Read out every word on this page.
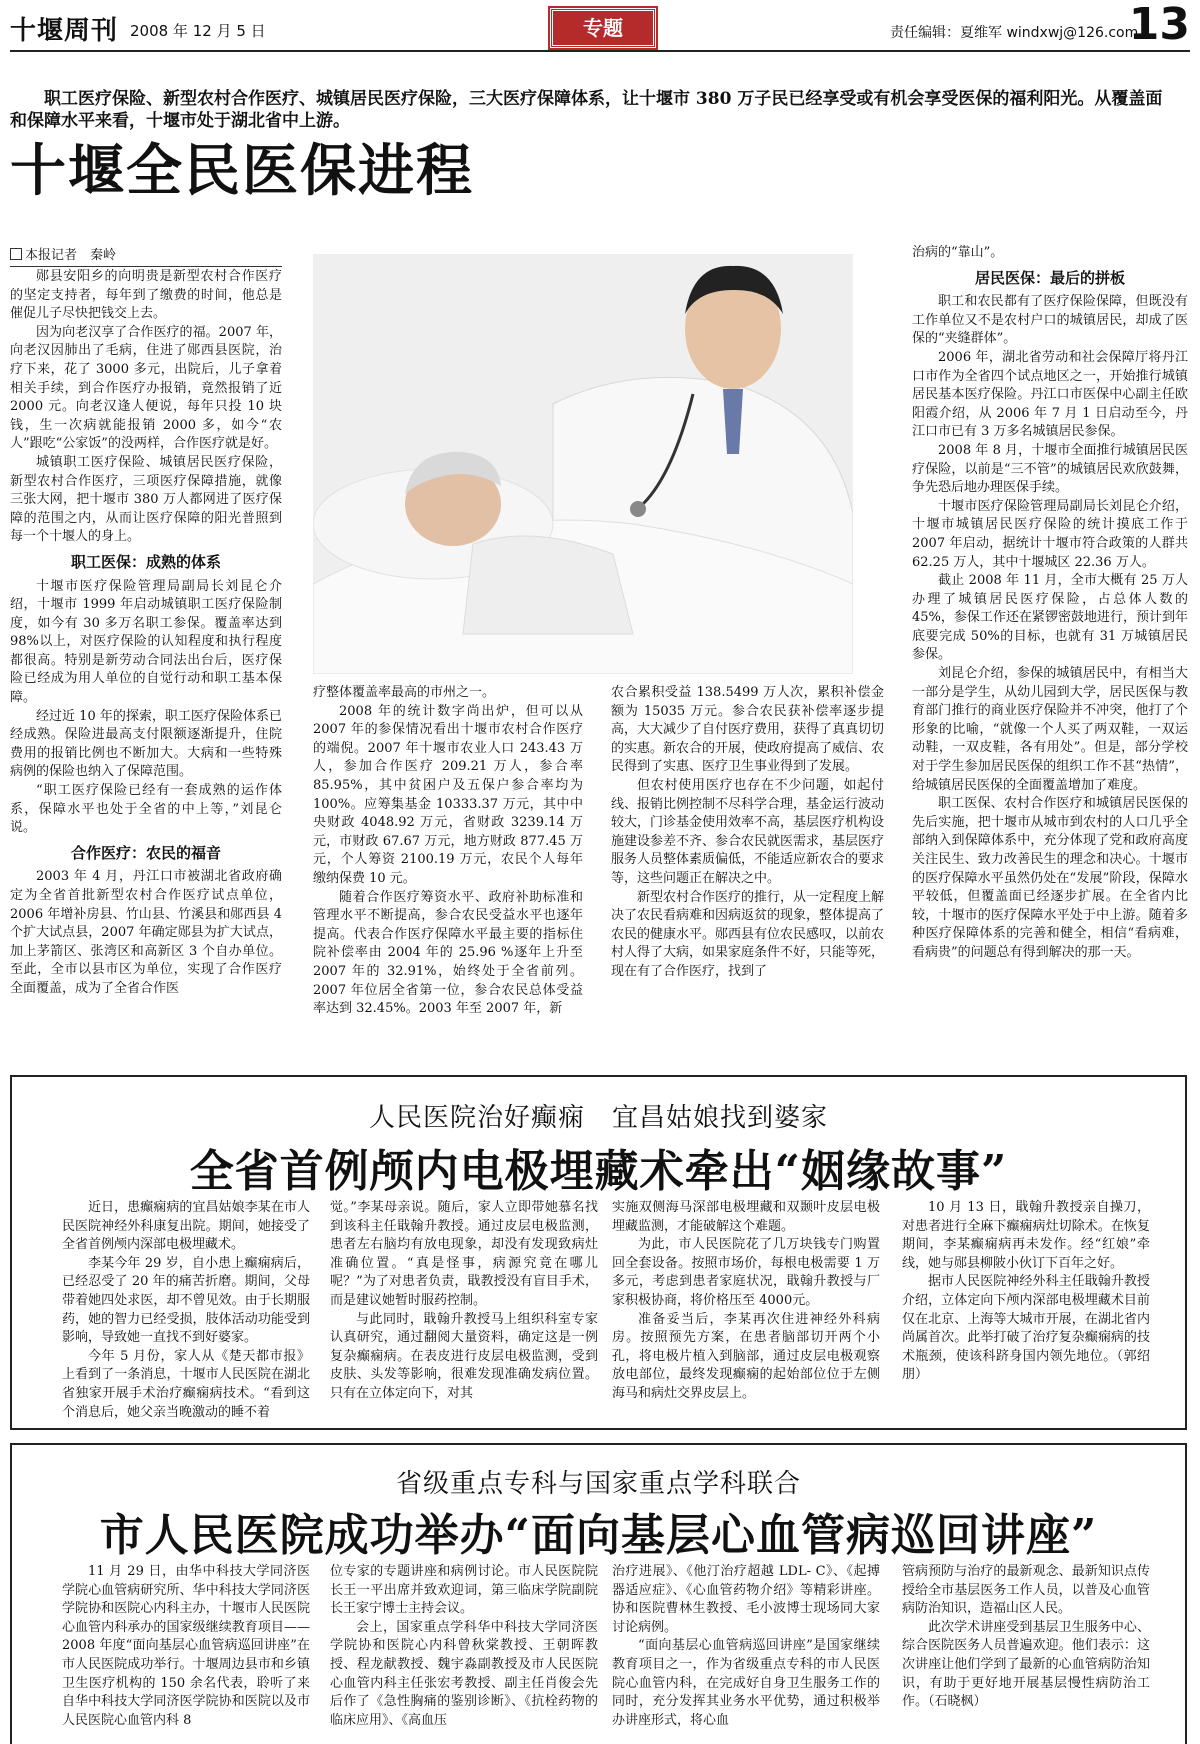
十堰周刊 2008 年 12 月 5 日	专题	责任编辑：夏维军 windxwj@126.com
13
职工医疗保险、新型农村合作医疗、城镇居民医疗保险，三大医疗保障体系，让十堰市 380 万子民已经享受或有机会享受医保的福利阳光。从覆盖面和保障水平来看，十堰市处于湖北省中上游。
十堰全民医保进程
本报记者　秦岭

郧县安阳乡的向明贵是新型农村合作医疗的坚定支持者，每年到了缴费的时间，他总是催促儿子尽快把钱交上去。

因为向老汉享了合作医疗的福。2007 年，向老汉因肺出了毛病，住进了郧西县医院，治疗下来，花了 3000 多元，出院后，儿子拿着相关手续，到合作医疗办报销，竟然报销了近 2000 元。向老汉逢人便说，每年只投 10 块钱，生一次病就能报销 2000 多，如今“农人”跟吃“公家饭”的没两样，合作医疗就是好。

城镇职工医疗保险、城镇居民医疗保险，新型农村合作医疗，三项医疗保障措施，就像三张大网，把十堰市 380 万人都网进了医疗保障的范围之内，从而让医疗保障的阳光普照到每一个十堰人的身上。

职工医保：成熟的体系

十堰市医疗保险管理局副局长刘昆仑介绍，十堰市 1999 年启动城镇职工医疗保险制度，如今有 30 多万名职工参保。覆盖率达到 98%以上，对医疗保险的认知程度和执行程度都很高。特别是新劳动合同法出台后，医疗保险已经成为用人单位的自觉行动和职工基本保障。

经过近 10 年的探索，职工医疗保险体系已经成熟。保险进最高支付限额逐渐提升，住院费用的报销比例也不断加大。大病和一些特殊病例的保险也纳入了保障范围。

“职工医疗保险已经有一套成熟的运作体系，保障水平也处于全省的中上等，”刘昆仑说。

合作医疗：农民的福音

2003 年 4 月，丹江口市被湖北省政府确定为全省首批新型农村合作医疗试点单位，2006 年增补房县、竹山县、竹溪县和郧西县 4 个扩大试点县，2007 年确定郧县为扩大试点，加上茅箭区、张湾区和高新区 3 个自办单位。至此，全市以县市区为单位，实现了合作医疗全面覆盖，成为了全省合作医

疗整体覆盖率最高的市州之一。

2008 年的统计数字尚出炉，但可以从 2007 年的参保情况看出十堰市农村合作医疗的端倪。2007 年十堰市农业人口 243.43 万人，参加合作医疗 209.21 万人，参合率 85.95%，其中贫困户及五保户参合率均为 100%。应筹集基金 10333.37 万元，其中中央财政 4048.92 万元，省财政 3239.14 万元，市财政 67.67 万元，地方财政 877.45 万元，个人筹资 2100.19 万元，农民个人每年缴纳保费 10 元。

随着合作医疗筹资水平、政府补助标准和管理水平不断提高，参合农民受益水平也逐年提高。代表合作医疗保障水平最主要的指标住院补偿率由 2004 年的 25.96 %逐年上升至 2007 年的 32.91%，始终处于全省前列。2007 年位居全省第一位，参合农民总体受益率达到 32.45%。2003 年至 2007 年，新

农合累积受益 138.5499 万人次，累积补偿金额为 15035 万元。参合农民获补偿率逐步提高，大大减少了自付医疗费用，获得了真真切切的实惠。新农合的开展，使政府提高了威信、农民得到了实惠、医疗卫生事业得到了发展。

但农村使用医疗也存在不少问题，如起付线、报销比例控制不尽科学合理，基金运行波动较大，门诊基金使用效率不高，基层医疗机构设施建设参差不齐、参合农民就医需求，基层医疗服务人员整体素质偏低，不能适应新农合的要求等，这些问题正在解决之中。

新型农村合作医疗的推行，从一定程度上解决了农民看病难和因病返贫的现象，整体提高了农民的健康水平。郧西县有位农民感叹，以前农村人得了大病，如果家庭条件不好，只能等死，现在有了合作医疗，找到了

治病的“靠山”。

居民医保：最后的拼板

职工和农民都有了医疗保险保障，但既没有工作单位又不是农村户口的城镇居民，却成了医保的“夹缝群体”。

2006 年，湖北省劳动和社会保障厅将丹江口市作为全省四个试点地区之一，开始推行城镇居民基本医疗保险。丹江口市医保中心副主任欧阳霞介绍，从 2006 年 7 月 1 日启动至今，丹江口市已有 3 万多名城镇居民参保。

2008 年 8 月，十堰市全面推行城镇居民医疗保险，以前是“三不管”的城镇居民欢欣鼓舞，争先恐后地办理医保手续。

十堰市医疗保险管理局副局长刘昆仑介绍，十堰市城镇居民医疗保险的统计摸底工作于 2007 年启动，据统计十堰市符合政策的人群共 62.25 万人，其中十堰城区 22.36 万人。

截止 2008 年 11 月，全市大概有 25 万人办理了城镇居民医疗保险，占总体人数的 45%，参保工作还在紧锣密鼓地进行，预计到年底要完成 50%的目标，也就有 31 万城镇居民参保。

刘昆仑介绍，参保的城镇居民中，有相当大一部分是学生，从幼儿园到大学，居民医保与教育部门推行的商业医疗保险并不冲突，他打了个形象的比喻，“就像一个人买了两双鞋，一双运动鞋，一双皮鞋，各有用处”。但是，部分学校对于学生参加居民医保的组织工作不甚“热情”，给城镇居民医保的全面覆盖增加了难度。

职工医保、农村合作医疗和城镇居民医保的先后实施，把十堰市从城市到农村的人口几乎全部纳入到保障体系中，充分体现了党和政府高度关注民生、致力改善民生的理念和决心。十堰市的医疗保障水平虽然仍处在“发展”阶段，保障水平较低，但覆盖面已经逐步扩展。在全省内比较，十堰市的医疗保障水平处于中上游。随着多种医疗保障体系的完善和健全，相信“看病难，看病贵”的问题总有得到解决的那一天。

人民医院治好癫痫　宜昌姑娘找到婆家
全省首例颅内电极埋藏术牵出“姻缘故事”

近日，患癫痫病的宜昌姑娘李某在市人民医院神经外科康复出院。期间，她接受了全省首例颅内深部电极埋藏术。

李某今年 29 岁，自小患上癫痫病后，已经忍受了 20 年的痛苦折磨。期间，父母带着她四处求医，却不曾见效。由于长期服药，她的智力已经受损，肢体活动功能受到影响，导致她一直找不到好婆家。

今年 5 月份，家人从《楚天都市报》上看到了一条消息，十堰市人民医院在湖北省独家开展手术治疗癫痫病技术。“看到这个消息后，她父亲当晚激动的睡不着

觉。”李某母亲说。随后，家人立即带她慕名找到该科主任戢翰升教授。通过皮层电极监测，患者左右脑均有放电现象，却没有发现致病灶准确位置。“真是怪事，病源究竟在哪儿呢？”为了对患者负责，戢教授没有盲目手术，而是建议她暂时服药控制。

与此同时，戢翰升教授马上组织科室专家认真研究，通过翻阅大量资料，确定这是一例复杂癫痫病。在表皮进行皮层电极监测，受到皮肤、头发等影响，很难发现准确发病位置。只有在立体定向下，对其

实施双侧海马深部电极埋藏和双颞叶皮层电极埋藏监测，才能破解这个难题。

为此，市人民医院花了几万块钱专门购置回全套设备。按照市场价，每根电极需要 1 万多元，考虑到患者家庭状况，戢翰升教授与厂家积极协商，将价格压至 4000元。

准备妥当后，李某再次住进神经外科病房。按照预先方案，在患者脑部切开两个小孔，将电极片植入到脑部，通过皮层电极观察放电部位，最终发现癫痫的起始部位位于左侧海马和病灶交界皮层上。

10 月 13 日，戢翰升教授亲自操刀，对患者进行全麻下癫痫病灶切除术。在恢复期间，李某癫痫病再未发作。经“红娘”牵线，她与郧县柳陂小伙订下百年之好。

据市人民医院神经外科主任戢翰升教授介绍，立体定向下颅内深部电极埋藏术目前仅在北京、上海等大城市开展，在湖北省内尚属首次。此举打破了治疗复杂癫痫病的技术瓶颈，使该科跻身国内领先地位。（郭绍朋）

省级重点专科与国家重点学科联合
市人民医院成功举办“面向基层心血管病巡回讲座”

11 月 29 日，由华中科技大学同济医学院心血管病研究所、华中科技大学同济医学院协和医院心内科主办，十堰市人民医院心血管内科承办的国家级继续教育项目——2008 年度“面向基层心血管病巡回讲座”在市人民医院成功举行。十堰周边县市和乡镇卫生医疗机构的 150 余名代表，聆听了来自华中科技大学同济医学院协和医院以及市人民医院心血管内科 8

位专家的专题讲座和病例讨论。市人民医院院长王一平出席并致欢迎词，第三临床学院副院长王家宁博士主持会议。

会上，国家重点学科华中科技大学同济医学院协和医院心内科曾秋棠教授、王朝晖教授、程龙献教授、魏宇淼副教授及市人民医院心血管内科主任张宏考教授、副主任肖俊会先后作了《急性胸痛的鉴别诊断》、《抗栓药物的临床应用》、《高血压

治疗进展》、《他汀治疗超越 LDL- C》、《起搏器适应症》、《心血管药物介绍》等精彩讲座。协和医院曹林生教授、毛小波博士现场同大家讨论病例。

“面向基层心血管病巡回讲座”是国家继续教育项目之一，作为省级重点专科的市人民医院心血管内科，在完成好自身卫生服务工作的同时，充分发挥其业务水平优势，通过积极举办讲座形式，将心血

管病预防与治疗的最新观念、最新知识点传授给全市基层医务工作人员，以普及心血管病防治知识，造福山区人民。

此次学术讲座受到基层卫生服务中心、综合医院医务人员普遍欢迎。他们表示：这次讲座让他们学到了最新的心血管病防治知识，有助于更好地开展基层慢性病防治工作。（石晓枫）
